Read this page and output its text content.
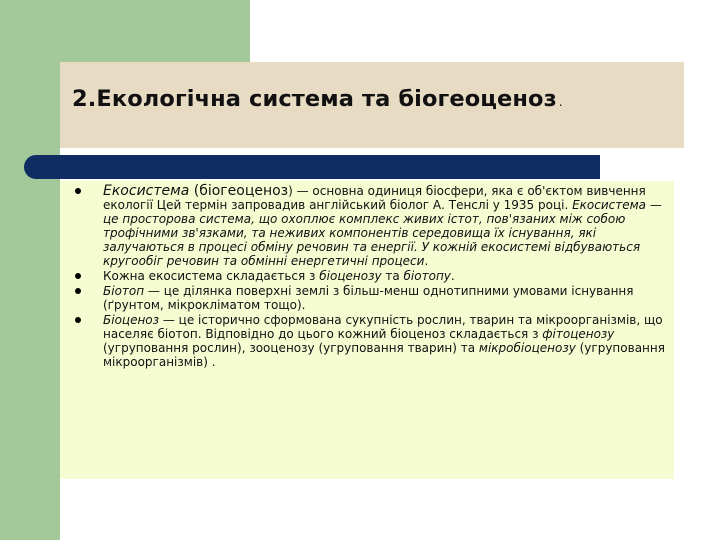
2.Екологічна система та біогеоценоз .
Екосистема (біогеоценоз) — основна одиниця біосфери, яка є об'єктом вивчення екології Цей термін запровадив англійський біолог А. Тенслі у 1935 році. Екосистема — це просторова система, що охоплює комплекс живих істот, пов'язаних між собою трофічними зв'язками, та неживих компонентів середовища їх існування, які залучаються в процесі обміну речовин та енергії. У кожній екосистемі відбуваються кругообіг речовин та обмінні енергетичні процеси.
Кожна екосистема складається з біоценозу та біотопу.
Біотоп — це ділянка поверхні землі з більш-менш однотипними умовами існування (ґрунтом, мікрокліматом тощо).
Біоценоз — це історично сформована сукупність рослин, тварин та мікроорганізмів, що населяє біотоп. Відповідно до цього кожний біоценоз складається з фітоценозу (угруповання рослин), зооценозу (угруповання тварин) та мікробіоценозу (угруповання мікроорганізмів) .
